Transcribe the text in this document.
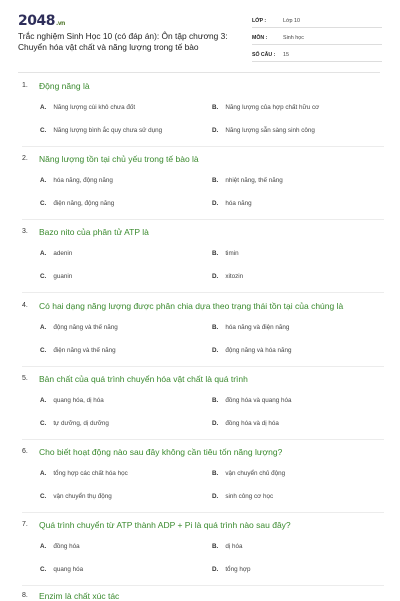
2048.vn
Trắc nghiệm Sinh Học 10 (có đáp án): Ôn tập chương 3:
Chuyển hóa vật chất và năng lượng trong tế bào
LỚP :	Lớp 10
MÔN :	Sinh học
SỐ CÂU :	15
1. Động năng là
A. Năng lượng cùi khô chưa đốt	B. Năng lượng của hợp chất hữu cơ
C. Năng lượng bình ắc quy chưa sử dụng	D. Năng lượng sẵn sàng sinh công
2. Năng lượng tồn tại chủ yếu trong tế bào là
A. hóa năng, động năng	B. nhiệt năng, thế năng
C. điện năng, động năng	D. hóa năng
3. Bazo nito của phân tử ATP là
A. adenin	B. timin
C. guanin	D. xitozin
4. Có hai dạng năng lượng được phân chia dựa theo trạng thái tồn tại của chúng là
A. động năng và thế năng	B. hóa năng và điện năng
C. điện năng và thế năng	D. động năng và hóa năng
5. Bản chất của quá trình chuyển hóa vật chất là quá trình
A. quang hóa, dị hóa	B. đồng hóa và quang hóa
C. tự dưỡng, dị dưỡng	D. đồng hóa và dị hóa
6. Cho biết hoạt động nào sau đây không cần tiêu tốn năng lượng?
A. tổng hợp các chất hóa học	B. vận chuyển chủ động
C. vận chuyển thụ động	D. sinh công cơ học
7. Quá trình chuyển từ ATP thành ADP + Pi là quá trình nào sau đây?
A. đồng hóa	B. dị hóa
C. quang hóa	D. tổng hợp
8. Enzim là chất xúc tác
